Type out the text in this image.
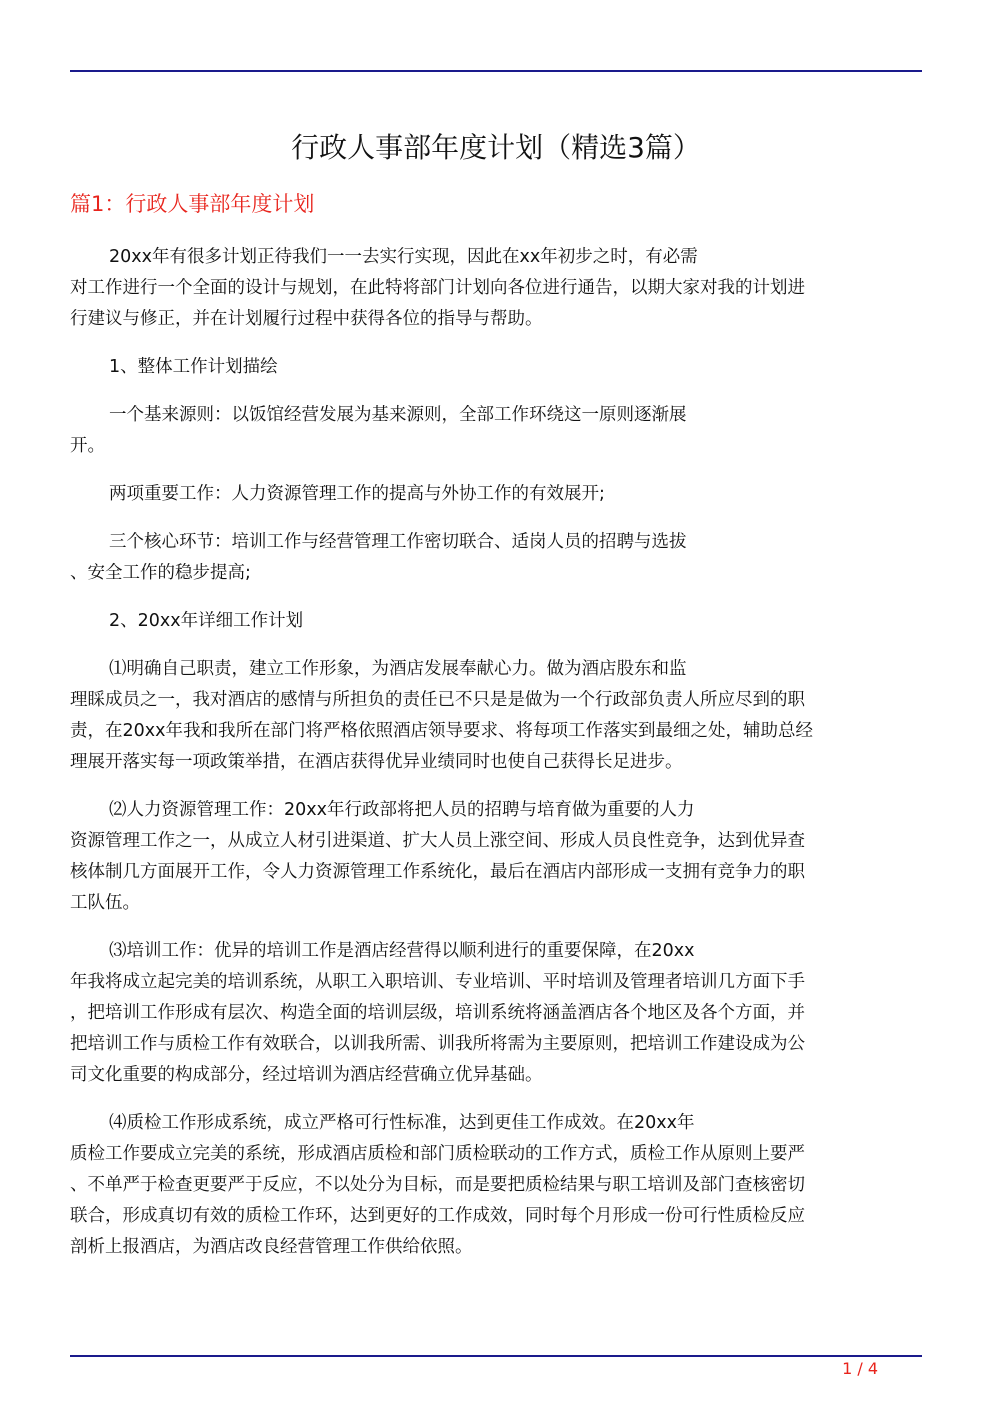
行政人事部年度计划（精选3篇）
篇1：行政人事部年度计划

20xx年有很多计划正待我们一一去实行实现，因此在xx年初步之时，有必需
对工作进行一个全面的设计与规划，在此特将部门计划向各位进行通告，以期大家对我的计划进
行建议与修正，并在计划履行过程中获得各位的指导与帮助。

1、整体工作计划描绘

一个基来源则：以饭馆经营发展为基来源则，全部工作环绕这一原则逐渐展
开。

两项重要工作：人力资源管理工作的提高与外协工作的有效展开;

三个核心环节：培训工作与经营管理工作密切联合、适岗人员的招聘与选拔
、安全工作的稳步提高;

2、20xx年详细工作计划

⑴明确自己职责，建立工作形象，为酒店发展奉献心力。做为酒店股东和监
理睬成员之一，我对酒店的感情与所担负的责任已不只是是做为一个行政部负责人所应尽到的职
责，在20xx年我和我所在部门将严格依照酒店领导要求、将每项工作落实到最细之处，辅助总经
理展开落实每一项政策举措，在酒店获得优异业绩同时也使自己获得长足进步。

⑵人力资源管理工作：20xx年行政部将把人员的招聘与培育做为重要的人力
资源管理工作之一，从成立人材引进渠道、扩大人员上涨空间、形成人员良性竞争，达到优异查
核体制几方面展开工作，令人力资源管理工作系统化，最后在酒店内部形成一支拥有竞争力的职
工队伍。

⑶培训工作：优异的培训工作是酒店经营得以顺利进行的重要保障，在20xx
年我将成立起完美的培训系统，从职工入职培训、专业培训、平时培训及管理者培训几方面下手
，把培训工作形成有层次、构造全面的培训层级，培训系统将涵盖酒店各个地区及各个方面，并
把培训工作与质检工作有效联合，以训我所需、训我所将需为主要原则，把培训工作建设成为公
司文化重要的构成部分，经过培训为酒店经营确立优异基础。

⑷质检工作形成系统，成立严格可行性标准，达到更佳工作成效。在20xx年
质检工作要成立完美的系统，形成酒店质检和部门质检联动的工作方式，质检工作从原则上要严
、不单严于检查更要严于反应，不以处分为目标，而是要把质检结果与职工培训及部门查核密切
联合，形成真切有效的质检工作环，达到更好的工作成效，同时每个月形成一份可行性质检反应
剖析上报酒店，为酒店改良经营管理工作供给依照。

1 / 4
